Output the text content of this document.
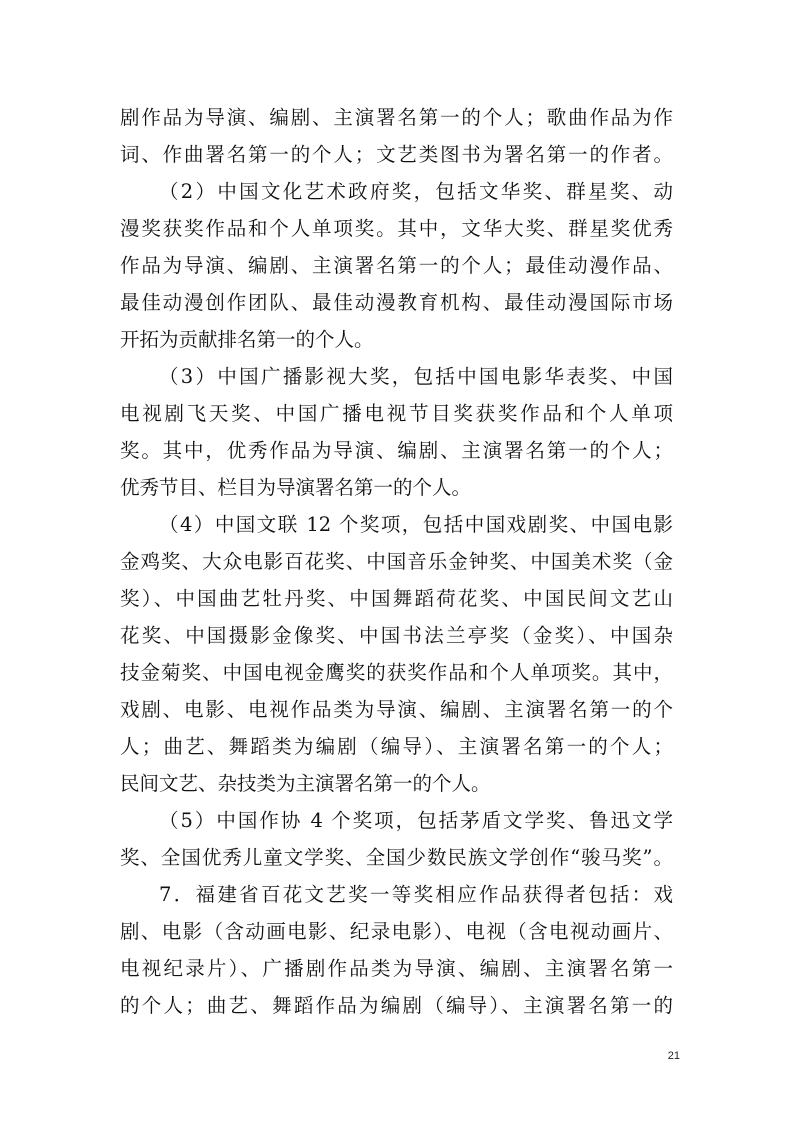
剧作品为导演、编剧、主演署名第一的个人；歌曲作品为作
词、作曲署名第一的个人；文艺类图书为署名第一的作者。
（2）中国文化艺术政府奖，包括文华奖、群星奖、动
漫奖获奖作品和个人单项奖。其中，文华大奖、群星奖优秀
作品为导演、编剧、主演署名第一的个人；最佳动漫作品、
最佳动漫创作团队、最佳动漫教育机构、最佳动漫国际市场
开拓为贡献排名第一的个人。
（3）中国广播影视大奖，包括中国电影华表奖、中国
电视剧飞天奖、中国广播电视节目奖获奖作品和个人单项
奖。其中，优秀作品为导演、编剧、主演署名第一的个人；
优秀节目、栏目为导演署名第一的个人。
（4）中国文联 12 个奖项，包括中国戏剧奖、中国电影
金鸡奖、大众电影百花奖、中国音乐金钟奖、中国美术奖（金
奖）、中国曲艺牡丹奖、中国舞蹈荷花奖、中国民间文艺山
花奖、中国摄影金像奖、中国书法兰亭奖（金奖）、中国杂
技金菊奖、中国电视金鹰奖的获奖作品和个人单项奖。其中，
戏剧、电影、电视作品类为导演、编剧、主演署名第一的个
人；曲艺、舞蹈类为编剧（编导）、主演署名第一的个人；
民间文艺、杂技类为主演署名第一的个人。
（5）中国作协 4 个奖项，包括茅盾文学奖、鲁迅文学
奖、全国优秀儿童文学奖、全国少数民族文学创作“骏马奖”。
7．福建省百花文艺奖一等奖相应作品获得者包括：戏
剧、电影（含动画电影、纪录电影）、电视（含电视动画片、
电视纪录片）、广播剧作品类为导演、编剧、主演署名第一
的个人；曲艺、舞蹈作品为编剧（编导）、主演署名第一的
21
